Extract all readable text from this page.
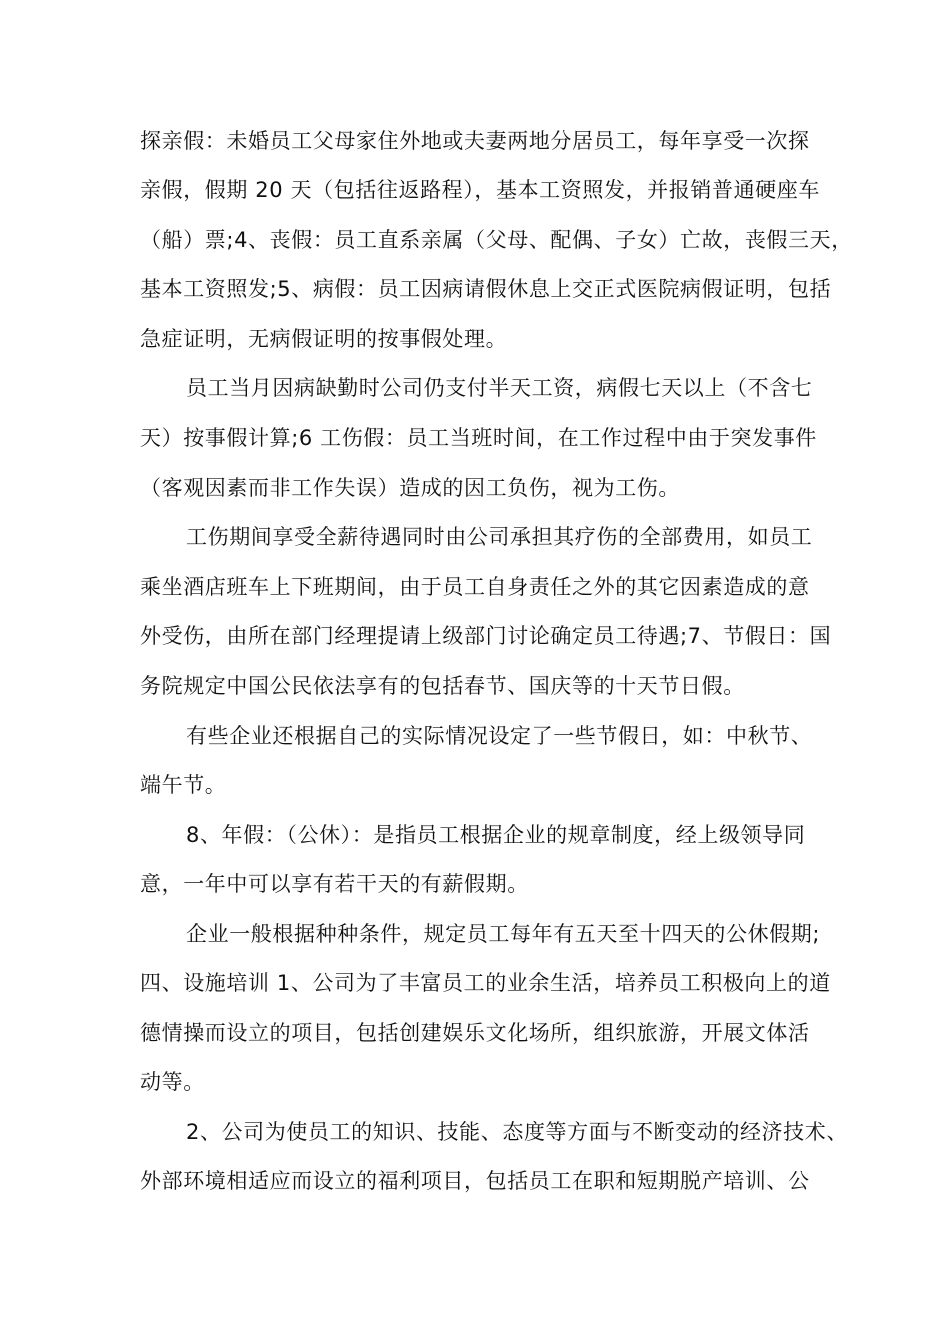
探亲假：未婚员工父母家住外地或夫妻两地分居员工，每年享受一次探
亲假，假期 20 天（包括往返路程），基本工资照发，并报销普通硬座车
（船）票;4、丧假：员工直系亲属（父母、配偶、子女）亡故，丧假三天，
基本工资照发;5、病假：员工因病请假休息上交正式医院病假证明，包括
急症证明，无病假证明的按事假处理。
员工当月因病缺勤时公司仍支付半天工资，病假七天以上（不含七
天）按事假计算;6 工伤假：员工当班时间，在工作过程中由于突发事件
（客观因素而非工作失误）造成的因工负伤，视为工伤。
工伤期间享受全薪待遇同时由公司承担其疗伤的全部费用，如员工
乘坐酒店班车上下班期间，由于员工自身责任之外的其它因素造成的意
外受伤，由所在部门经理提请上级部门讨论确定员工待遇;7、节假日：国
务院规定中国公民依法享有的包括春节、国庆等的十天节日假。
有些企业还根据自己的实际情况设定了一些节假日，如：中秋节、
端午节。
8、年假：（公休）：是指员工根据企业的规章制度，经上级领导同
意，一年中可以享有若干天的有薪假期。
企业一般根据种种条件，规定员工每年有五天至十四天的公休假期;
四、设施培训 1、公司为了丰富员工的业余生活，培养员工积极向上的道
德情操而设立的项目，包括创建娱乐文化场所，组织旅游，开展文体活
动等。
2、公司为使员工的知识、技能、态度等方面与不断变动的经济技术、
外部环境相适应而设立的福利项目，包括员工在职和短期脱产培训、公
